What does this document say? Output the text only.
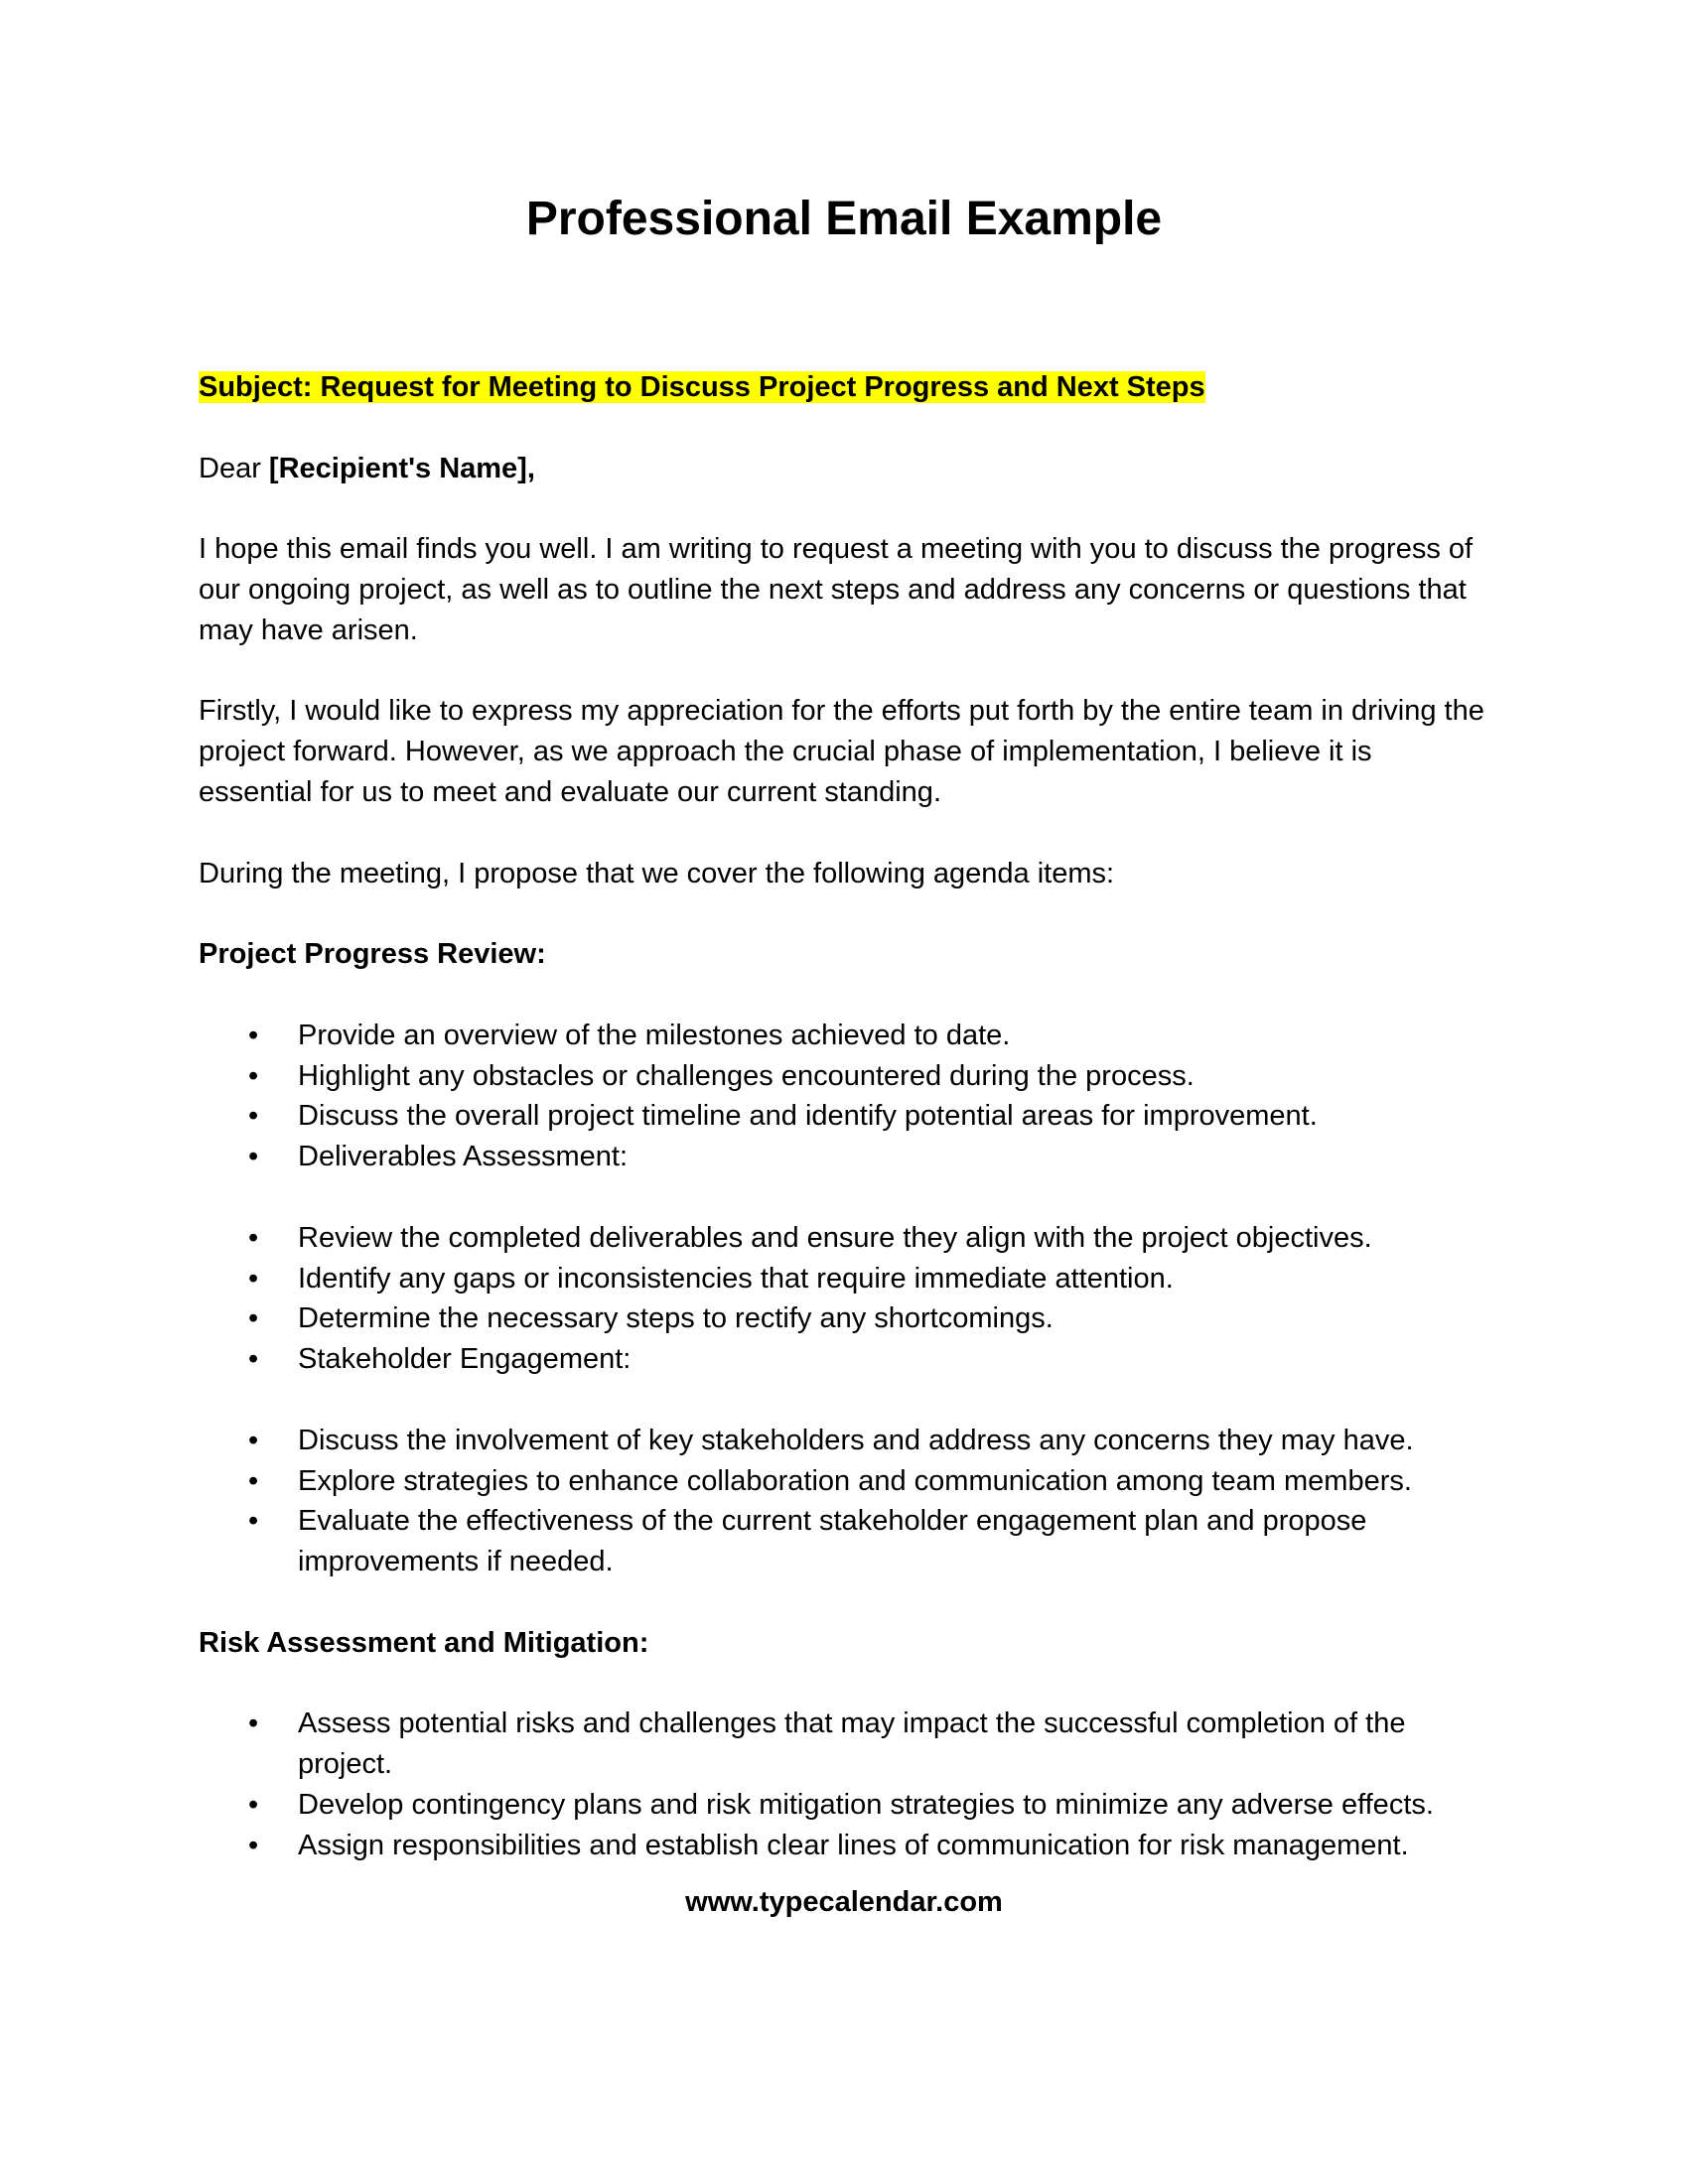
Professional Email Example

Subject: Request for Meeting to Discuss Project Progress and Next Steps

Dear [Recipient's Name],

I hope this email finds you well. I am writing to request a meeting with you to discuss the progress of our ongoing project, as well as to outline the next steps and address any concerns or questions that may have arisen.

Firstly, I would like to express my appreciation for the efforts put forth by the entire team in driving the project forward. However, as we approach the crucial phase of implementation, I believe it is essential for us to meet and evaluate our current standing.

During the meeting, I propose that we cover the following agenda items:

Project Progress Review:

•	Provide an overview of the milestones achieved to date.
•	Highlight any obstacles or challenges encountered during the process.
•	Discuss the overall project timeline and identify potential areas for improvement.
•	Deliverables Assessment:
•	Review the completed deliverables and ensure they align with the project objectives.
•	Identify any gaps or inconsistencies that require immediate attention.
•	Determine the necessary steps to rectify any shortcomings.
•	Stakeholder Engagement:
•	Discuss the involvement of key stakeholders and address any concerns they may have.
•	Explore strategies to enhance collaboration and communication among team members.
•	Evaluate the effectiveness of the current stakeholder engagement plan and propose improvements if needed.

Risk Assessment and Mitigation:

•	Assess potential risks and challenges that may impact the successful completion of the project.
•	Develop contingency plans and risk mitigation strategies to minimize any adverse effects.
•	Assign responsibilities and establish clear lines of communication for risk management.
www.typecalendar.com
